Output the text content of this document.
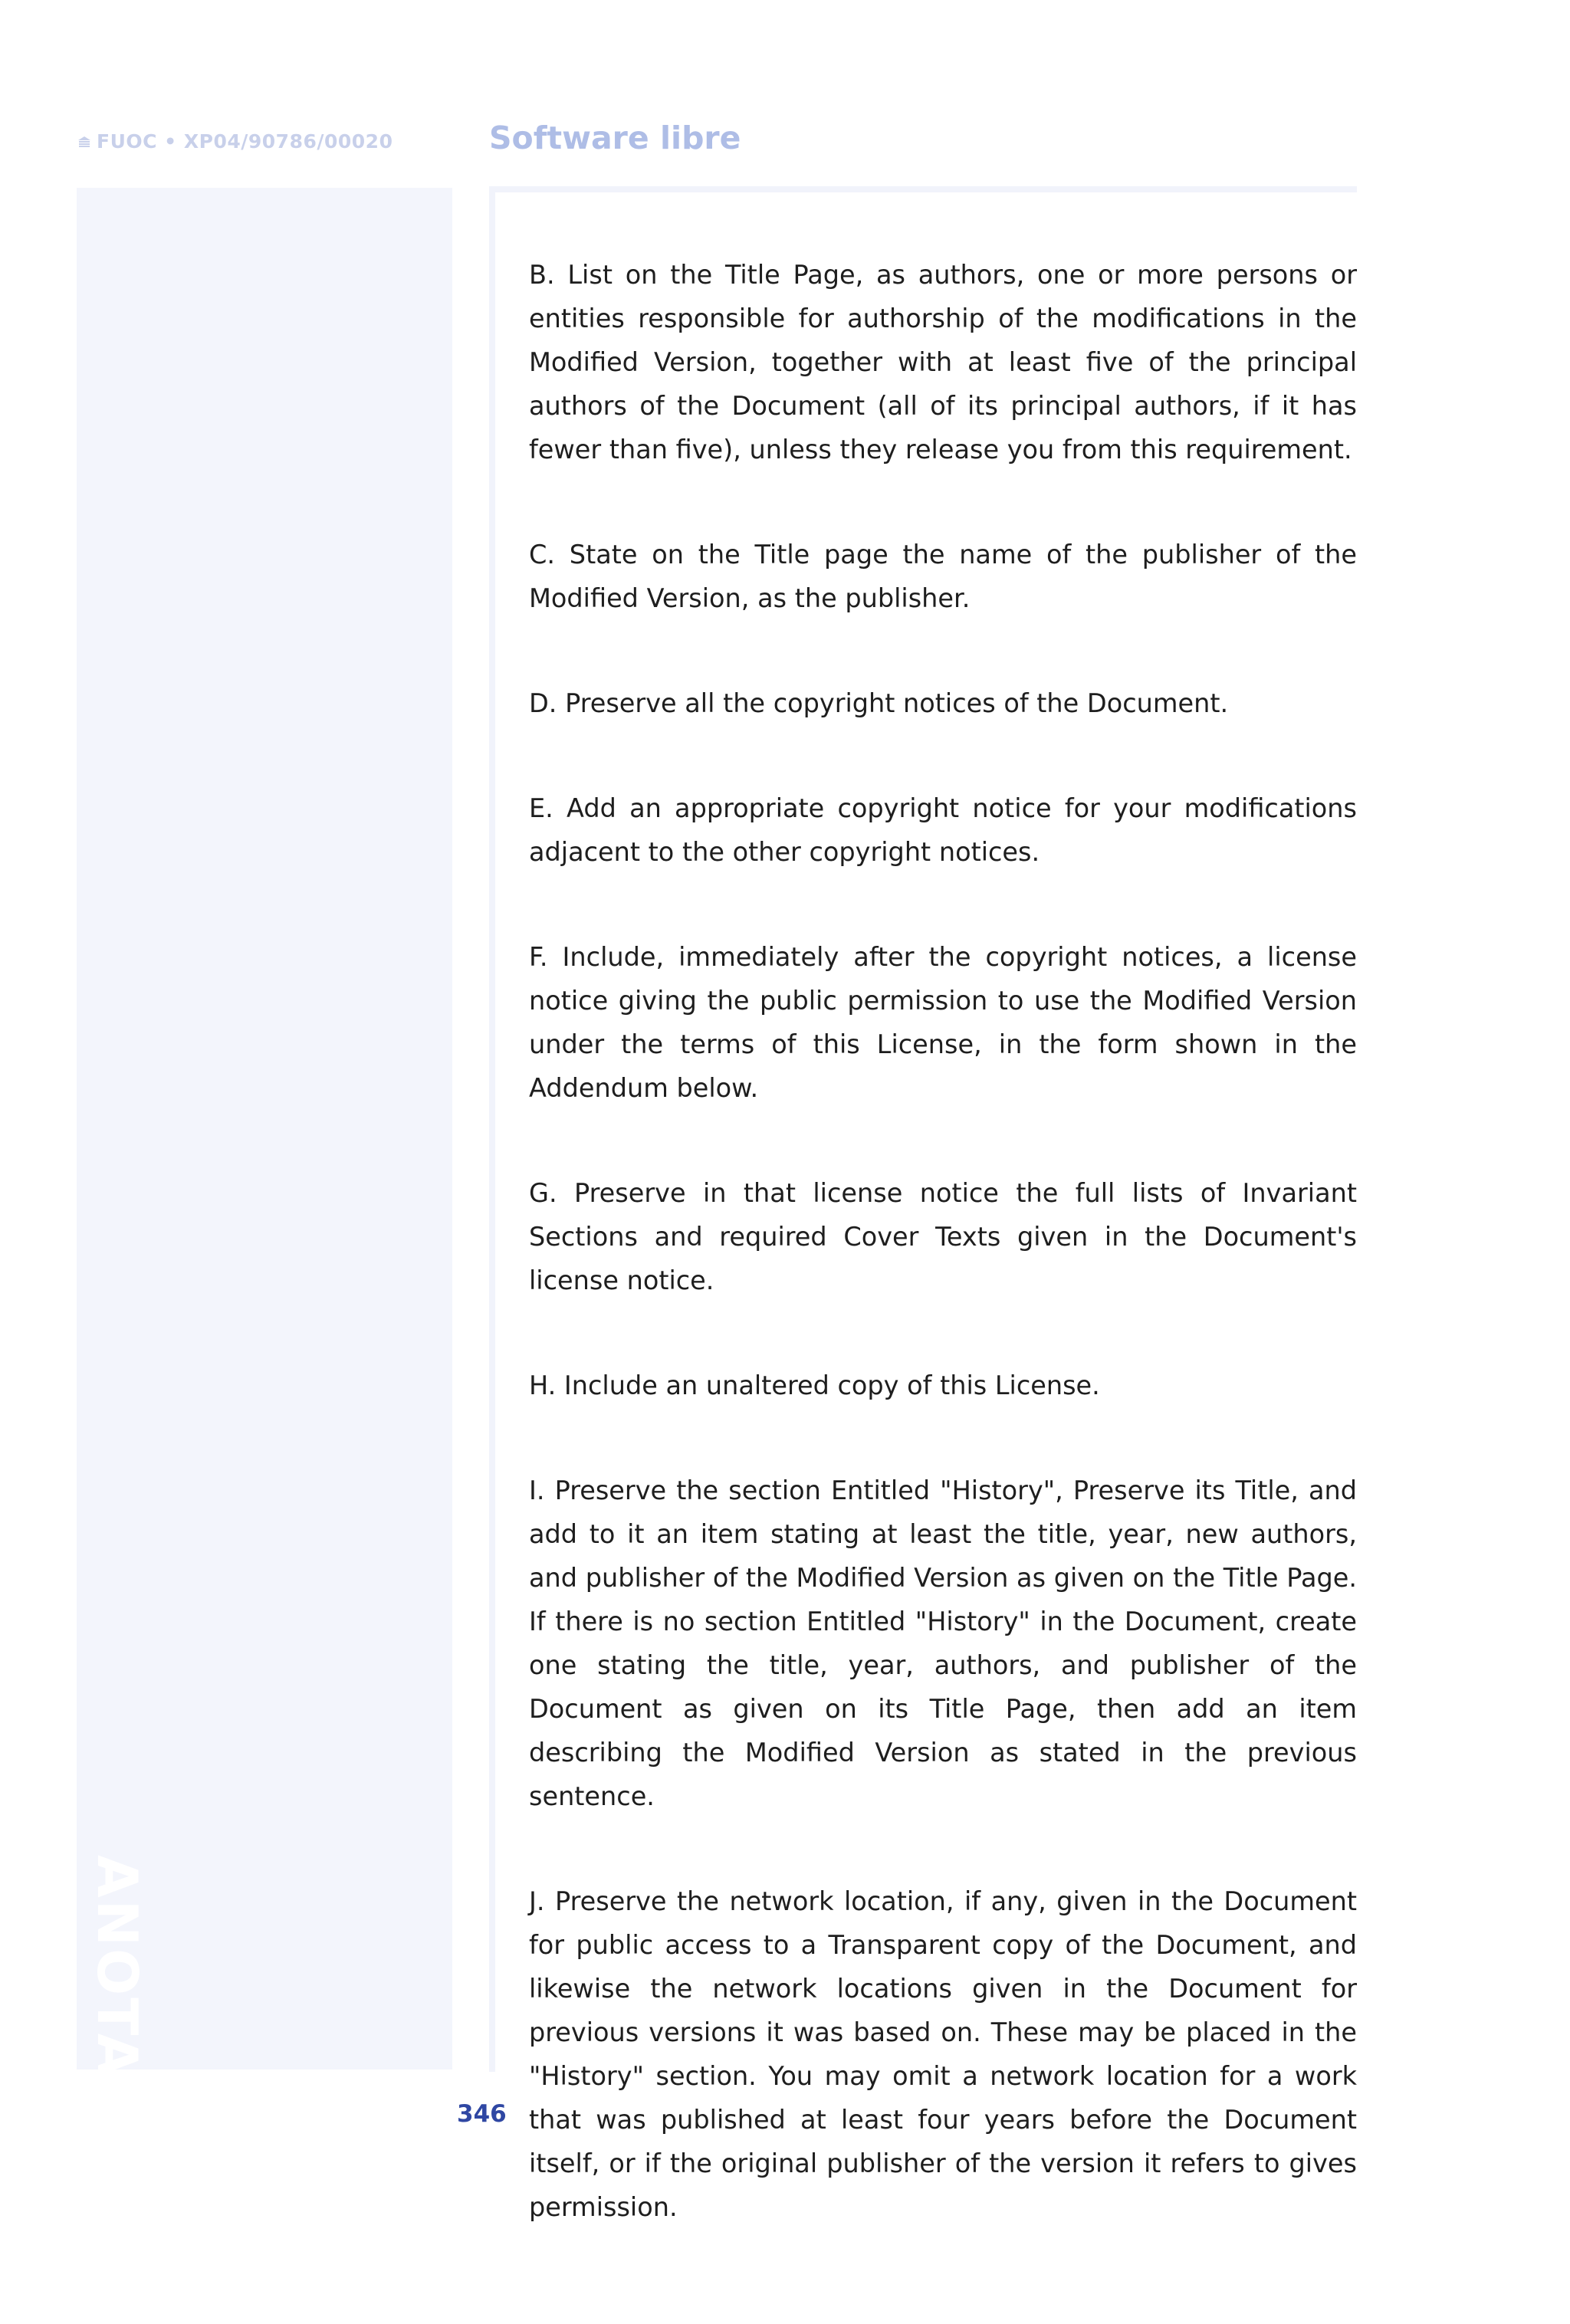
FUOC • XP04/90786/00020	Software libre
ANOTACIONES

B. List on the Title Page, as authors, one or more persons or entities responsible for authorship of the modifications in the Modified Version, together with at least five of the principal authors of the Document (all of its principal authors, if it has fewer than five), unless they release you from this requirement.

C. State on the Title page the name of the publisher of the Modified Version, as the publisher.

D. Preserve all the copyright notices of the Document.

E. Add an appropriate copyright notice for your modifications adjacent to the other copyright notices.

F. Include, immediately after the copyright notices, a license notice giving the public permission to use the Modified Version under the terms of this License, in the form shown in the Addendum below.

G. Preserve in that license notice the full lists of Invariant Sections and required Cover Texts given in the Document's license notice.

H. Include an unaltered copy of this License.

I. Preserve the section Entitled "History", Preserve its Title, and add to it an item stating at least the title, year, new authors, and publisher of the Modified Version as given on the Title Page. If there is no section Entitled "History" in the Document, create one stating the title, year, authors, and publisher of the Document as given on its Title Page, then add an item describing the Modified Version as stated in the previous sentence.

J. Preserve the network location, if any, given in the Document for public access to a Transparent copy of the Document, and likewise the network locations given in the Document for previous versions it was based on. These may be placed in the "History" section. You may omit a network location for a work that was published at least four years before the Document itself, or if the original publisher of the version it refers to gives permission.

346
